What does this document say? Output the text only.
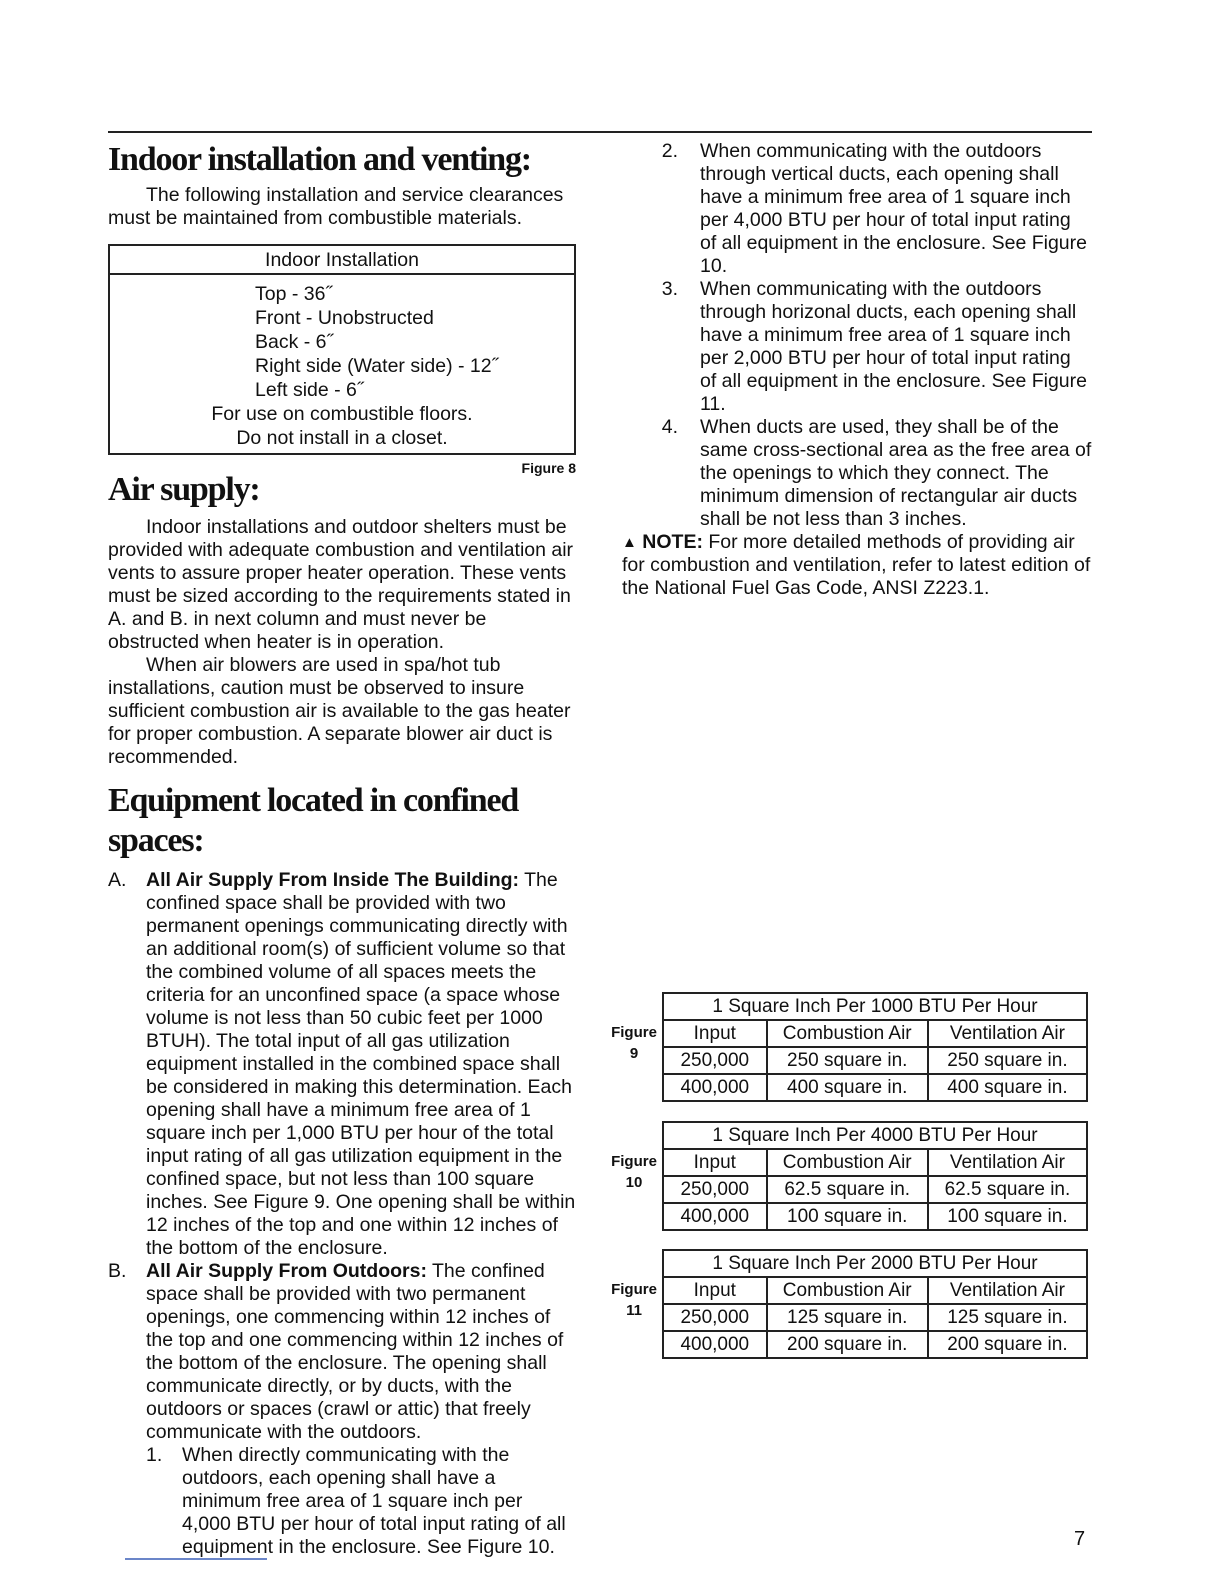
Indoor installation and venting:

The following installation and service clearances must be maintained from combustible materials.

Indoor Installation
Top - 36˝
Front - Unobstructed
Back - 6˝
Right side (Water side) - 12˝
Left side - 6˝
For use on combustible floors.
Do not install in a closet.
Figure 8
Air supply:

Indoor installations and outdoor shelters must be provided with adequate combustion and ventilation air vents to assure proper heater operation. These vents must be sized according to the requirements stated in A. and B. in next column and must never be obstructed when heater is in operation.

When air blowers are used in spa/hot tub installations, caution must be observed to insure sufficient combustion air is available to the gas heater for proper combustion. A separate blower air duct is recommended.

Equipment located in confined spaces:
A.	All Air Supply From Inside The Building: The confined space shall be provided with two permanent openings communicating directly with an additional room(s) of sufficient volume so that the combined volume of all spaces meets the criteria for an unconfined space (a space whose volume is not less than 50 cubic feet per 1000 BTUH). The total input of all gas utilization equipment installed in the combined space shall be considered in making this determination. Each opening shall have a minimum free area of 1 square inch per 1,000 BTU per hour of the total input rating of all gas utilization equipment in the confined space, but not less than 100 square inches. See Figure 9. One opening shall be within 12 inches of the top and one within 12 inches of the bottom of the enclosure.
B.	All Air Supply From Outdoors: The confined space shall be provided with two permanent openings, one commencing within 12 inches of the top and one commencing within 12 inches of the bottom of the enclosure. The opening shall communicate directly, or by ducts, with the outdoors or spaces (crawl or attic) that freely communicate with the outdoors.
1.	When directly communicating with the outdoors, each opening shall have a minimum free area of 1 square inch per 4,000 BTU per hour of total input rating of all equipment in the enclosure. See Figure 10.
2.	When communicating with the outdoors through vertical ducts, each opening shall have a minimum free area of 1 square inch per 4,000 BTU per hour of total input rating of all equipment in the enclosure. See Figure 10.
3.	When communicating with the outdoors through horizonal ducts, each opening shall have a minimum free area of 1 square inch per 2,000 BTU per hour of total input rating of all equipment in the enclosure. See Figure 11.
4.	When ducts are used, they shall be of the same cross-sectional area as the free area of the openings to which they connect. The minimum dimension of rectangular air ducts shall be not less than 3 inches.

▲ NOTE: For more detailed methods of providing air for combustion and ventilation, refer to latest edition of the National Fuel Gas Code, ANSI Z223.1.

Figure
9
1 Square Inch Per 1000 BTU Per Hour		
Input	Combustion Air	Ventilation Air
250,000	250 square in.	250 square in.
400,000	400 square in.	400 square in.
Figure
10
1 Square Inch Per 4000 BTU Per Hour		
Input	Combustion Air	Ventilation Air
250,000	62.5 square in.	62.5 square in.
400,000	100 square in.	100 square in.
Figure
11
1 Square Inch Per 2000 BTU Per Hour		
Input	Combustion Air	Ventilation Air
250,000	125 square in.	125 square in.
400,000	200 square in.	200 square in.
7
